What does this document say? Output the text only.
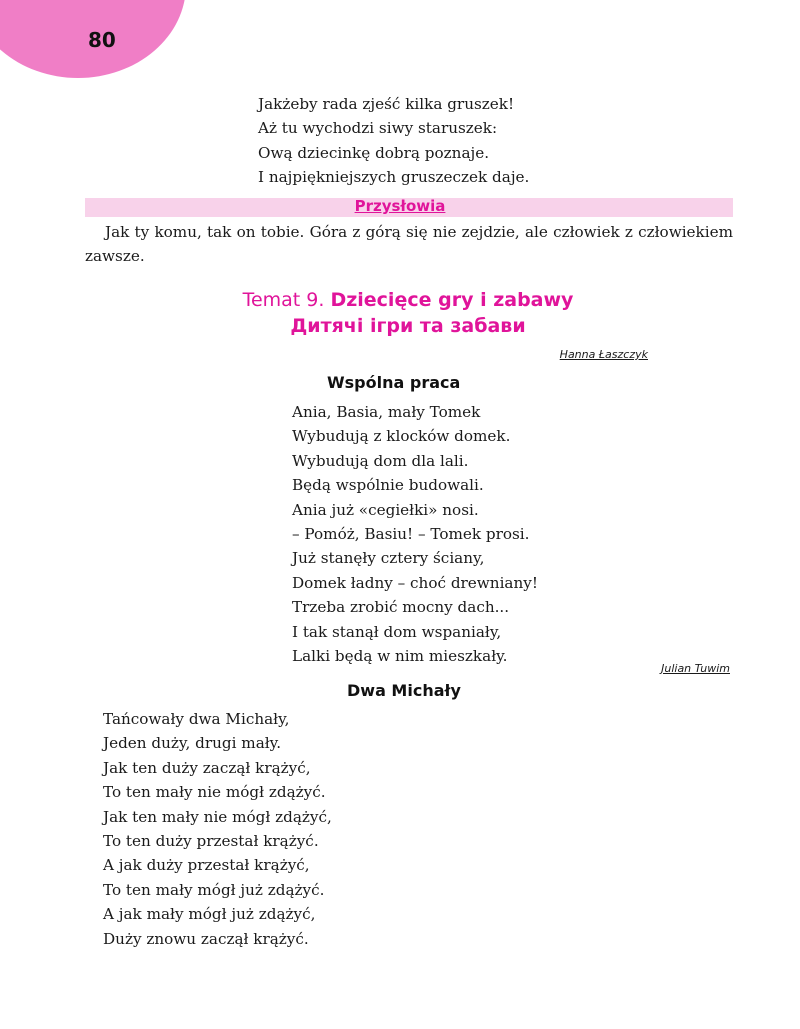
80
Jakżeby rada zjeść kilka gruszek!
Aż tu wychodzi siwy staruszek:
Ową dziecinkę dobrą poznaje.
I najpiękniejszych gruszeczek daje.
Przysłowia

Jak ty komu, tak on tobie. Góra z górą się nie zejdzie, ale człowiek z człowiekiem zawsze.

Temat 9. Dziecięce gry i zabawy
Дитячі ігри та забави
Hanna Łaszczyk
Wspólna praca
Ania, Basia, mały Tomek
Wybudują z klocków domek.
Wybudują dom dla lali.
Będą wspólnie budowali.
Ania już «cegiełki» nosi.
– Pomóż, Basiu! – Tomek prosi.
Już stanęły cztery ściany,
Domek ładny – choć drewniany!
Trzeba zrobić mocny dach...
I tak stanął dom wspaniały,
Lalki będą w nim mieszkały.
Julian Tuwim
Dwa Michały
Tańcowały dwa Michały,
Jeden duży, drugi mały.
Jak ten duży zaczął krążyć,
To ten mały nie mógł zdążyć.
Jak ten mały nie mógł zdążyć,
To ten duży przestał krążyć.
A jak duży przestał krążyć,
To ten mały mógł już zdążyć.
A jak mały mógł już zdążyć,
Duży znowu zaczął krążyć.
